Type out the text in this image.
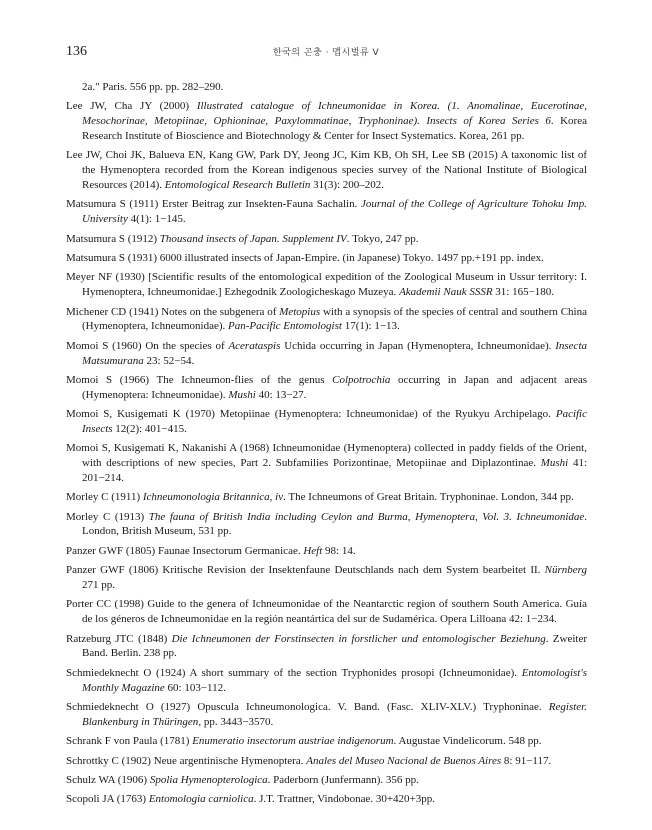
136	한국의 곤충 · 맵시벌류 V

2a." Paris. 556 pp. pp. 282–290.

Lee JW, Cha JY (2000) Illustrated catalogue of Ichneumonidae in Korea. (1. Anomalinae, Eucerotinae, Mesochorinae, Metopiinae, Ophioninae, Paxylommatinae, Tryphoninae). Insects of Korea Series 6. Korea Research Institute of Bioscience and Biotechnology & Center for Insect Systematics. Korea, 261 pp.

Lee JW, Choi JK, Balueva EN, Kang GW, Park DY, Jeong JC, Kim KB, Oh SH, Lee SB (2015) A taxonomic list of the Hymenoptera recorded from the Korean indigenous species survey of the National Institute of Biological Resources (2014). Entomological Research Bulletin 31(3): 200–202.

Matsumura S (1911) Erster Beitrag zur Insekten-Fauna Sachalin. Journal of the College of Agriculture Tohoku Imp. University 4(1): 1−145.

Matsumura S (1912) Thousand insects of Japan. Supplement IV. Tokyo, 247 pp.

Matsumura S (1931) 6000 illustrated insects of Japan-Empire. (in Japanese) Tokyo. 1497 pp.+191 pp. index.

Meyer NF (1930) [Scientific results of the entomological expedition of the Zoological Museum in Ussur territory: I. Hymenoptera, Ichneumonidae.] Ezhegodnik Zoologicheskago Muzeya. Akademii Nauk SSSR 31: 165−180.

Michener CD (1941) Notes on the subgenera of Metopius with a synopsis of the species of central and southern China (Hymenoptera, Ichneumonidae). Pan-Pacific Entomologist 17(1): 1−13.

Momoi S (1960) On the species of Acerataspis Uchida occurring in Japan (Hymenoptera, Ichneumonidae). Insecta Matsumurana 23: 52−54.

Momoi S (1966) The Ichneumon-flies of the genus Colpotrochia occurring in Japan and adjacent areas (Hymenoptera: Ichneumonidae). Mushi 40: 13−27.

Momoi S, Kusigemati K (1970) Metopiinae (Hymenoptera: Ichneumonidae) of the Ryukyu Archipelago. Pacific Insects 12(2): 401−415.

Momoi S, Kusigemati K, Nakanishi A (1968) Ichneumonidae (Hymenoptera) collected in paddy fields of the Orient, with descriptions of new species, Part 2. Subfamilies Porizontinae, Metopiinae and Diplazontinae. Mushi 41: 201−214.

Morley C (1911) Ichneumonologia Britannica, iv. The Ichneumons of Great Britain. Tryphoninae. London, 344 pp.

Morley C (1913) The fauna of British India including Ceylon and Burma, Hymenoptera, Vol. 3. Ichneumonidae. London, British Museum, 531 pp.

Panzer GWF (1805) Faunae Insectorum Germanicae. Heft 98: 14.

Panzer GWF (1806) Kritische Revision der Insektenfaune Deutschlands nach dem System bearbeitet II. Nürnberg 271 pp.

Porter CC (1998) Guide to the genera of Ichneumonidae of the Neantarctic region of southern South America. Guía de los géneros de Ichneumonidae en la región neantártica del sur de Sudamérica. Opera Lilloana 42: 1−234.

Ratzeburg JTC (1848) Die Ichneumonen der Forstinsecten in forstlicher und entomologischer Beziehung. Zweiter Band. Berlin. 238 pp.

Schmiedeknecht O (1924) A short summary of the section Tryphonides prosopi (Ichneumonidae). Entomologist's Monthly Magazine 60: 103−112.

Schmiedeknecht O (1927) Opuscula Ichneumonologica. V. Band. (Fasc. XLIV-XLV.) Tryphoninae. Register. Blankenburg in Thüringen, pp. 3443−3570.

Schrank F von Paula (1781) Enumeratio insectorum austriae indigenorum. Augustae Vindelicorum. 548 pp.

Schrottky C (1902) Neue argentinische Hymenoptera. Anales del Museo Nacional de Buenos Aires 8: 91−117.

Schulz WA (1906) Spolia Hymenopterologica. Paderborn (Junfermann). 356 pp.

Scopoli JA (1763) Entomologia carniolica. J.T. Trattner, Vindobonae. 30+420+3pp.
